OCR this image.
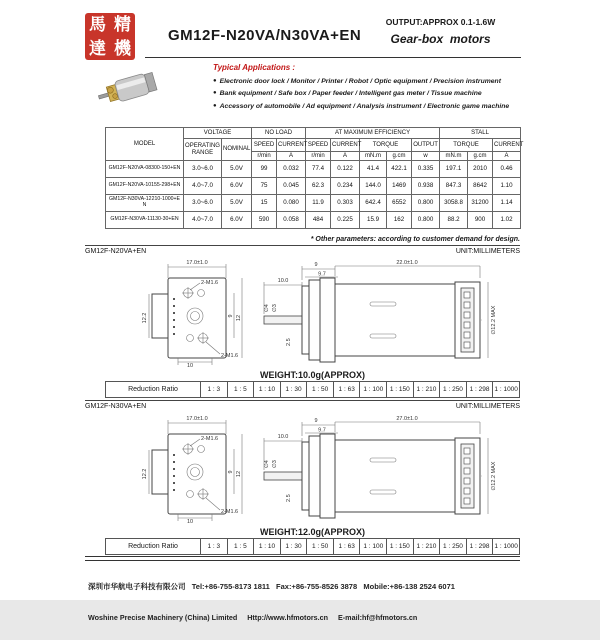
馬 精
達 機
GM12F-N20VA/N30VA+EN
OUTPUT:APPROX 0.1-1.6W
Gear-box  motors
Typical Applications :
● Electronic door lock / Monitor / Printer / Robot / Optic equipment / Precision instrument
● Bank equipment / Safe box / Paper feeder / Intelligent gas meter / Tissue machine
● Accessory of automobile / Ad equipment / Analysis instrument / Electronic game machine
MODEL	VOLTAGE		NO LOAD		AT MAXIMUM EFFICIENCY					STALL		
	OPERATING RANGE	NOMINAL	SPEED	CURRENT	SPEED	CURRENT	TORQUE		OUTPUT	TORQUE		CURRENT
			r/min	A	r/min	A	mN.m	g.cm	w	mN.m	g.cm	A
GM12F-N20VA-08300-150+EN	3.0~6.0	5.0V	99	0.032	77.4	0.122	41.4	422.1	0.335	197.1	2010	0.46
GM12F-N20VA-10155-298+EN	4.0~7.0	6.0V	75	0.045	62.3	0.234	144.0	1469	0.938	847.3	8642	1.10
GM12F-N30VA-12210-1000+EN	3.0~6.0	5.0V	15	0.080	11.9	0.303	642.4	6552	0.800	3058.8	31200	1.14
GM12F-N30VA-11130-30+EN	4.0~7.0	6.0V	590	0.058	484	0.225	15.9	162	0.800	88.2	900	1.02
* Other parameters: according to customer demand for design.
GM12F-N20VA+EN	UNIT:MILLIMETERS
17.0±1.0
12.2
2-M1.6
2-M1.6
10
9 12
∅4 ∅3
2.5
10.0
9
9.7
22.0±1.0
∅12.2 MAX
WEIGHT:10.0g(APPROX)
Reduction Ratio	1 : 3	1 : 5	1 : 10	1 : 30	1 : 50	1 : 63	1 : 100	1 : 150	1 : 210	1 : 250	1 : 298	1 : 1000
GM12F-N30VA+EN	UNIT:MILLIMETERS
17.0±1.0
12.2
2-M1.6
2-M1.6
10
9 12
∅4 ∅3
2.5
10.0
9
9.7
27.0±1.0
∅12.2 MAX
WEIGHT:12.0g(APPROX)
Reduction Ratio	1 : 3	1 : 5	1 : 10	1 : 30	1 : 50	1 : 63	1 : 100	1 : 150	1 : 210	1 : 250	1 : 298	1 : 1000

深圳市华航电子科技有限公司   Tel:+86-755-8173 1811   Fax:+86-755-8526 3878   Mobile:+86-138 2524 6071

Woshine Precise Machinery (China) Limited     Http://www.hfmotors.cn     E-mail:hf@hfmotors.cn
